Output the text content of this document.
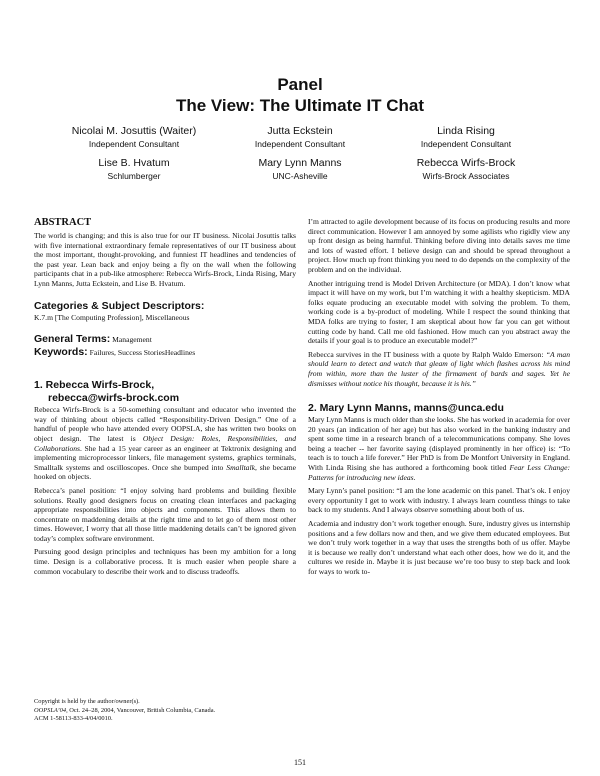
Panel
The View: The Ultimate IT Chat
Nicolai M. Josuttis (Waiter)
Independent Consultant
Jutta Eckstein
Independent Consultant
Linda Rising
Independent Consultant
Lise B. Hvatum
Schlumberger
Mary Lynn Manns
UNC-Asheville
Rebecca Wirfs-Brock
Wirfs-Brock Associates
ABSTRACT

The world is changing; and this is also true for our IT business. Nicolai Josuttis talks with five international extraordinary female representatives of our IT business about the most important, thought-provoking, and funniest IT headlines and tendencies of the past year. Lean back and enjoy being a fly on the wall when the following participants chat in a pub-like atmosphere: Rebecca Wirfs-Brock, Linda Rising, Mary Lynn Manns, Jutta Eckstein, and Lise B. Hvatum.

Categories & Subject Descriptors:

K.7.m [The Computing Profession], Miscellaneous

General Terms: Management
Keywords: Failures, Success StoriesHeadlines
1. Rebecca Wirfs-Brock,
rebecca@wirfs-brock.com

Rebecca Wirfs-Brock is a 50-something consultant and educator who invented the way of thinking about objects called “Responsibility-Driven Design.” One of a handful of people who have attended every OOPSLA, she has written two books on object design. The latest is Object Design: Roles, Responsibilities, and Collaborations. She had a 15 year career as an engineer at Tektronix designing and implementing microprocessor linkers, file management systems, graphics terminals, Smalltalk systems and oscilloscopes. Once she bumped into Smalltalk, she became hooked on objects.

Rebecca’s panel position: “I enjoy solving hard problems and building flexible solutions. Really good designers focus on creating clean interfaces and packaging appropriate responsibilities into objects and components. This allows them to concentrate on maddening details at the right time and to let go of them most other times. However, I worry that all those little maddening details can’t be ignored given today’s complex software environment.

Pursuing good design principles and techniques has been my ambition for a long time. Design is a collaborative process. It is much easier when people share a common vocabulary to describe their work and to discuss tradeoffs.

Copyright is held by the author/owner(s).
OOPSLA’04, Oct. 24–28, 2004, Vancouver, British Columbia, Canada.
ACM 1-58113-833-4/04/0010.

I’m attracted to agile development because of its focus on producing results and more direct communication. However I am annoyed by some agilists who rigidly view any up front design as being harmful. Thinking before diving into details saves me time and lots of wasted effort. I believe design can and should be spread throughout a project. How much up front thinking you need to do depends on the complexity of the problem and on the individual.

Another intriguing trend is Model Driven Architecture (or MDA). I don’t know what impact it will have on my work, but I’m watching it with a healthy skepticism. MDA folks equate producing an executable model with solving the problem. To them, working code is a by-product of modeling. While I respect the sound thinking that MDA folks are trying to foster, I am skeptical about how far you can get without cutting code by hand. Call me old fashioned. How much can you abstract away the details if your goal is to produce an executable model?”

Rebecca survives in the IT business with a quote by Ralph Waldo Emerson: “A man should learn to detect and watch that gleam of light which flashes across his mind from within, more than the luster of the firmament of bards and sages. Yet he dismisses without notice his thought, because it is his.”

2. Mary Lynn Manns, manns@unca.edu

Mary Lynn Manns is much older than she looks. She has worked in academia for over 20 years (an indication of her age) but has also worked in the banking industry and spent some time in a research branch of a telecommunications company. She loves being a teacher -- her favorite saying (displayed prominently in her office) is: “To teach is to touch a life forever.” Her PhD is from De Montfort University in England. With Linda Rising she has authored a forthcoming book titled Fear Less Change: Patterns for introducing new ideas.

Mary Lynn’s panel position: “I am the lone academic on this panel. That’s ok. I enjoy every opportunity I get to work with industry. I always learn countless things to take back to my students. And I always observe something about both of us.

Academia and industry don’t work together enough. Sure, industry gives us internship positions and a few dollars now and then, and we give them educated employees. But we don’t truly work together in a way that uses the strengths both of us offer. Maybe it is because we really don’t understand what each other does, how we do it, and the cultures we reside in. Maybe it is just because we’re too busy to step back and look for ways to work to-

151
